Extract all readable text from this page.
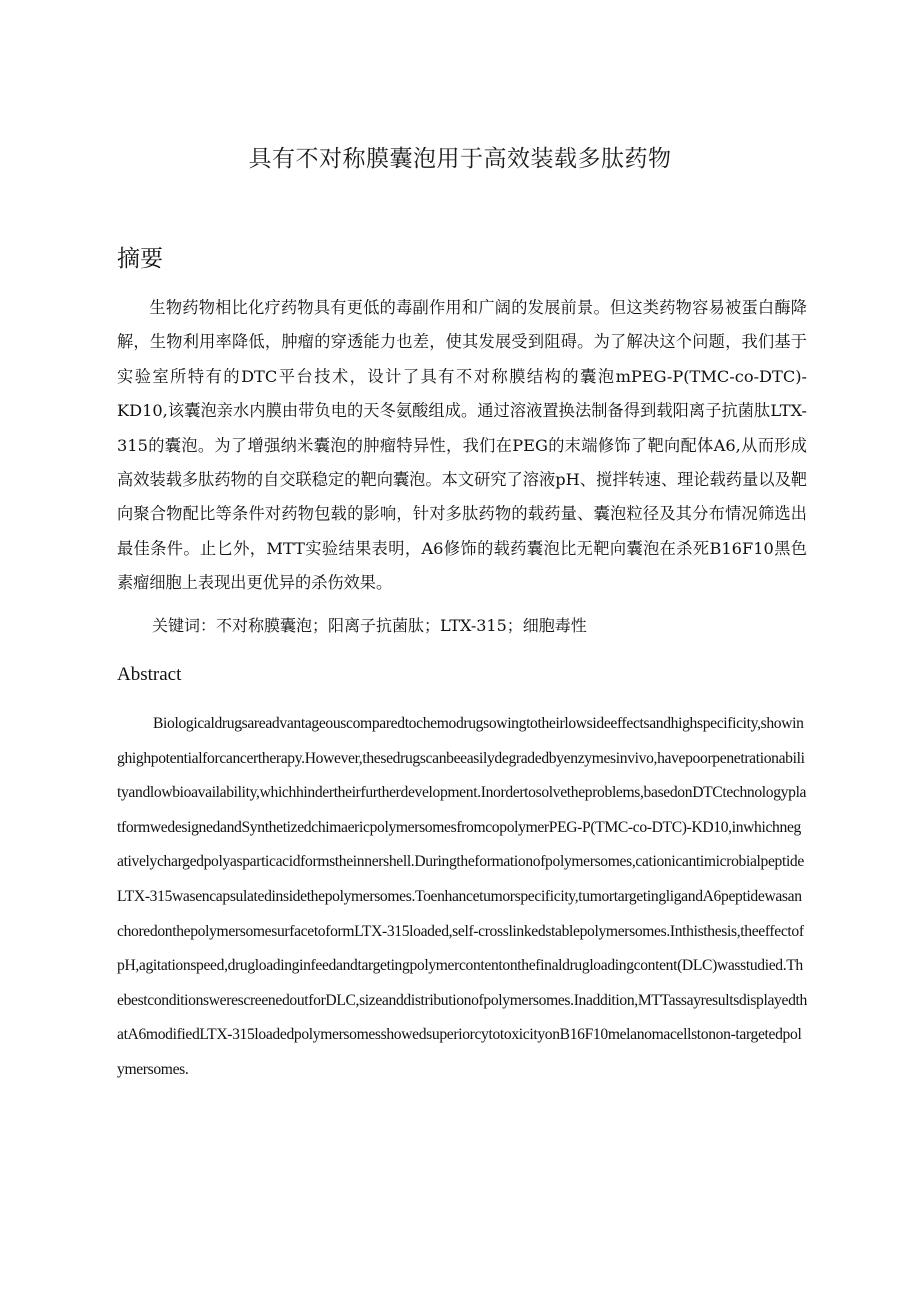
具有不对称膜囊泡用于高效装载多肽药物
摘要

生物药物相比化疗药物具有更低的毒副作用和广阔的发展前景。但这类药物容易被蛋白酶降解，生物利用率降低，肿瘤的穿透能力也差，使其发展受到阻碍。为了解决这个问题，我们基于实验室所特有的DTC平台技术，设计了具有不对称膜结构的囊泡mPEG-P(TMC-co-DTC)-KD10,该囊泡亲水内膜由带负电的天冬氨酸组成。通过溶液置换法制备得到载阳离子抗菌肽LTX-315的囊泡。为了增强纳米囊泡的肿瘤特异性，我们在PEG的末端修饰了靶向配体A6,从而形成高效装载多肽药物的自交联稳定的靶向囊泡。本文研究了溶液pH、搅拌转速、理论载药量以及靶向聚合物配比等条件对药物包载的影响，针对多肽药物的载药量、囊泡粒径及其分布情况筛选出最佳条件。止匕外，MTT实验结果表明，A6修饰的载药囊泡比无靶向囊泡在杀死B16F10黑色素瘤细胞上表现出更优异的杀伤效果。

关键词：不对称膜囊泡；阳离子抗菌肽；LTX-315；细胞毒性
Abstract

Biologicaldrugsareadvantageouscomparedtochemodrugsowingtotheirlowsideeffectsandhighspecificity,showinghighpotentialforcancertherapy.However,thesedrugscanbeeasilydegradedbyenzymesinvivo,havepoorpenetrationabilityandlowbioavailability,whichhindertheirfurtherdevelopment.Inordertosolvetheproblems,basedonDTCtechnologyplatformwedesignedandSynthetizedchimaericpolymersomesfromcopolymerPEG-P(TMC-co-DTC)-KD10,inwhichnegativelychargedpolyasparticacidformstheinnershell.Duringtheformationofpolymersomes,cationicantimicrobialpeptideLTX-315wasencapsulatedinsidethepolymersomes.Toenhancetumorspecificity,tumortargetingligandA6peptidewasanchoredonthepolymersomesurfacetoformLTX-315loaded,self-crosslinkedstablepolymersomes.Inthisthesis,theeffectofpH,agitationspeed,drugloadinginfeedandtargetingpolymercontentonthefinaldrugloadingcontent(DLC)wasstudied.ThebestconditionswerescreenedoutforDLC,sizeanddistributionofpolymersomes.Inaddition,MTTassayresultsdisplayedthatA6modifiedLTX-315loadedpolymersomesshowedsuperiorcytotoxicityonB16F10melanomacellstonon-targetedpolymersomes.
